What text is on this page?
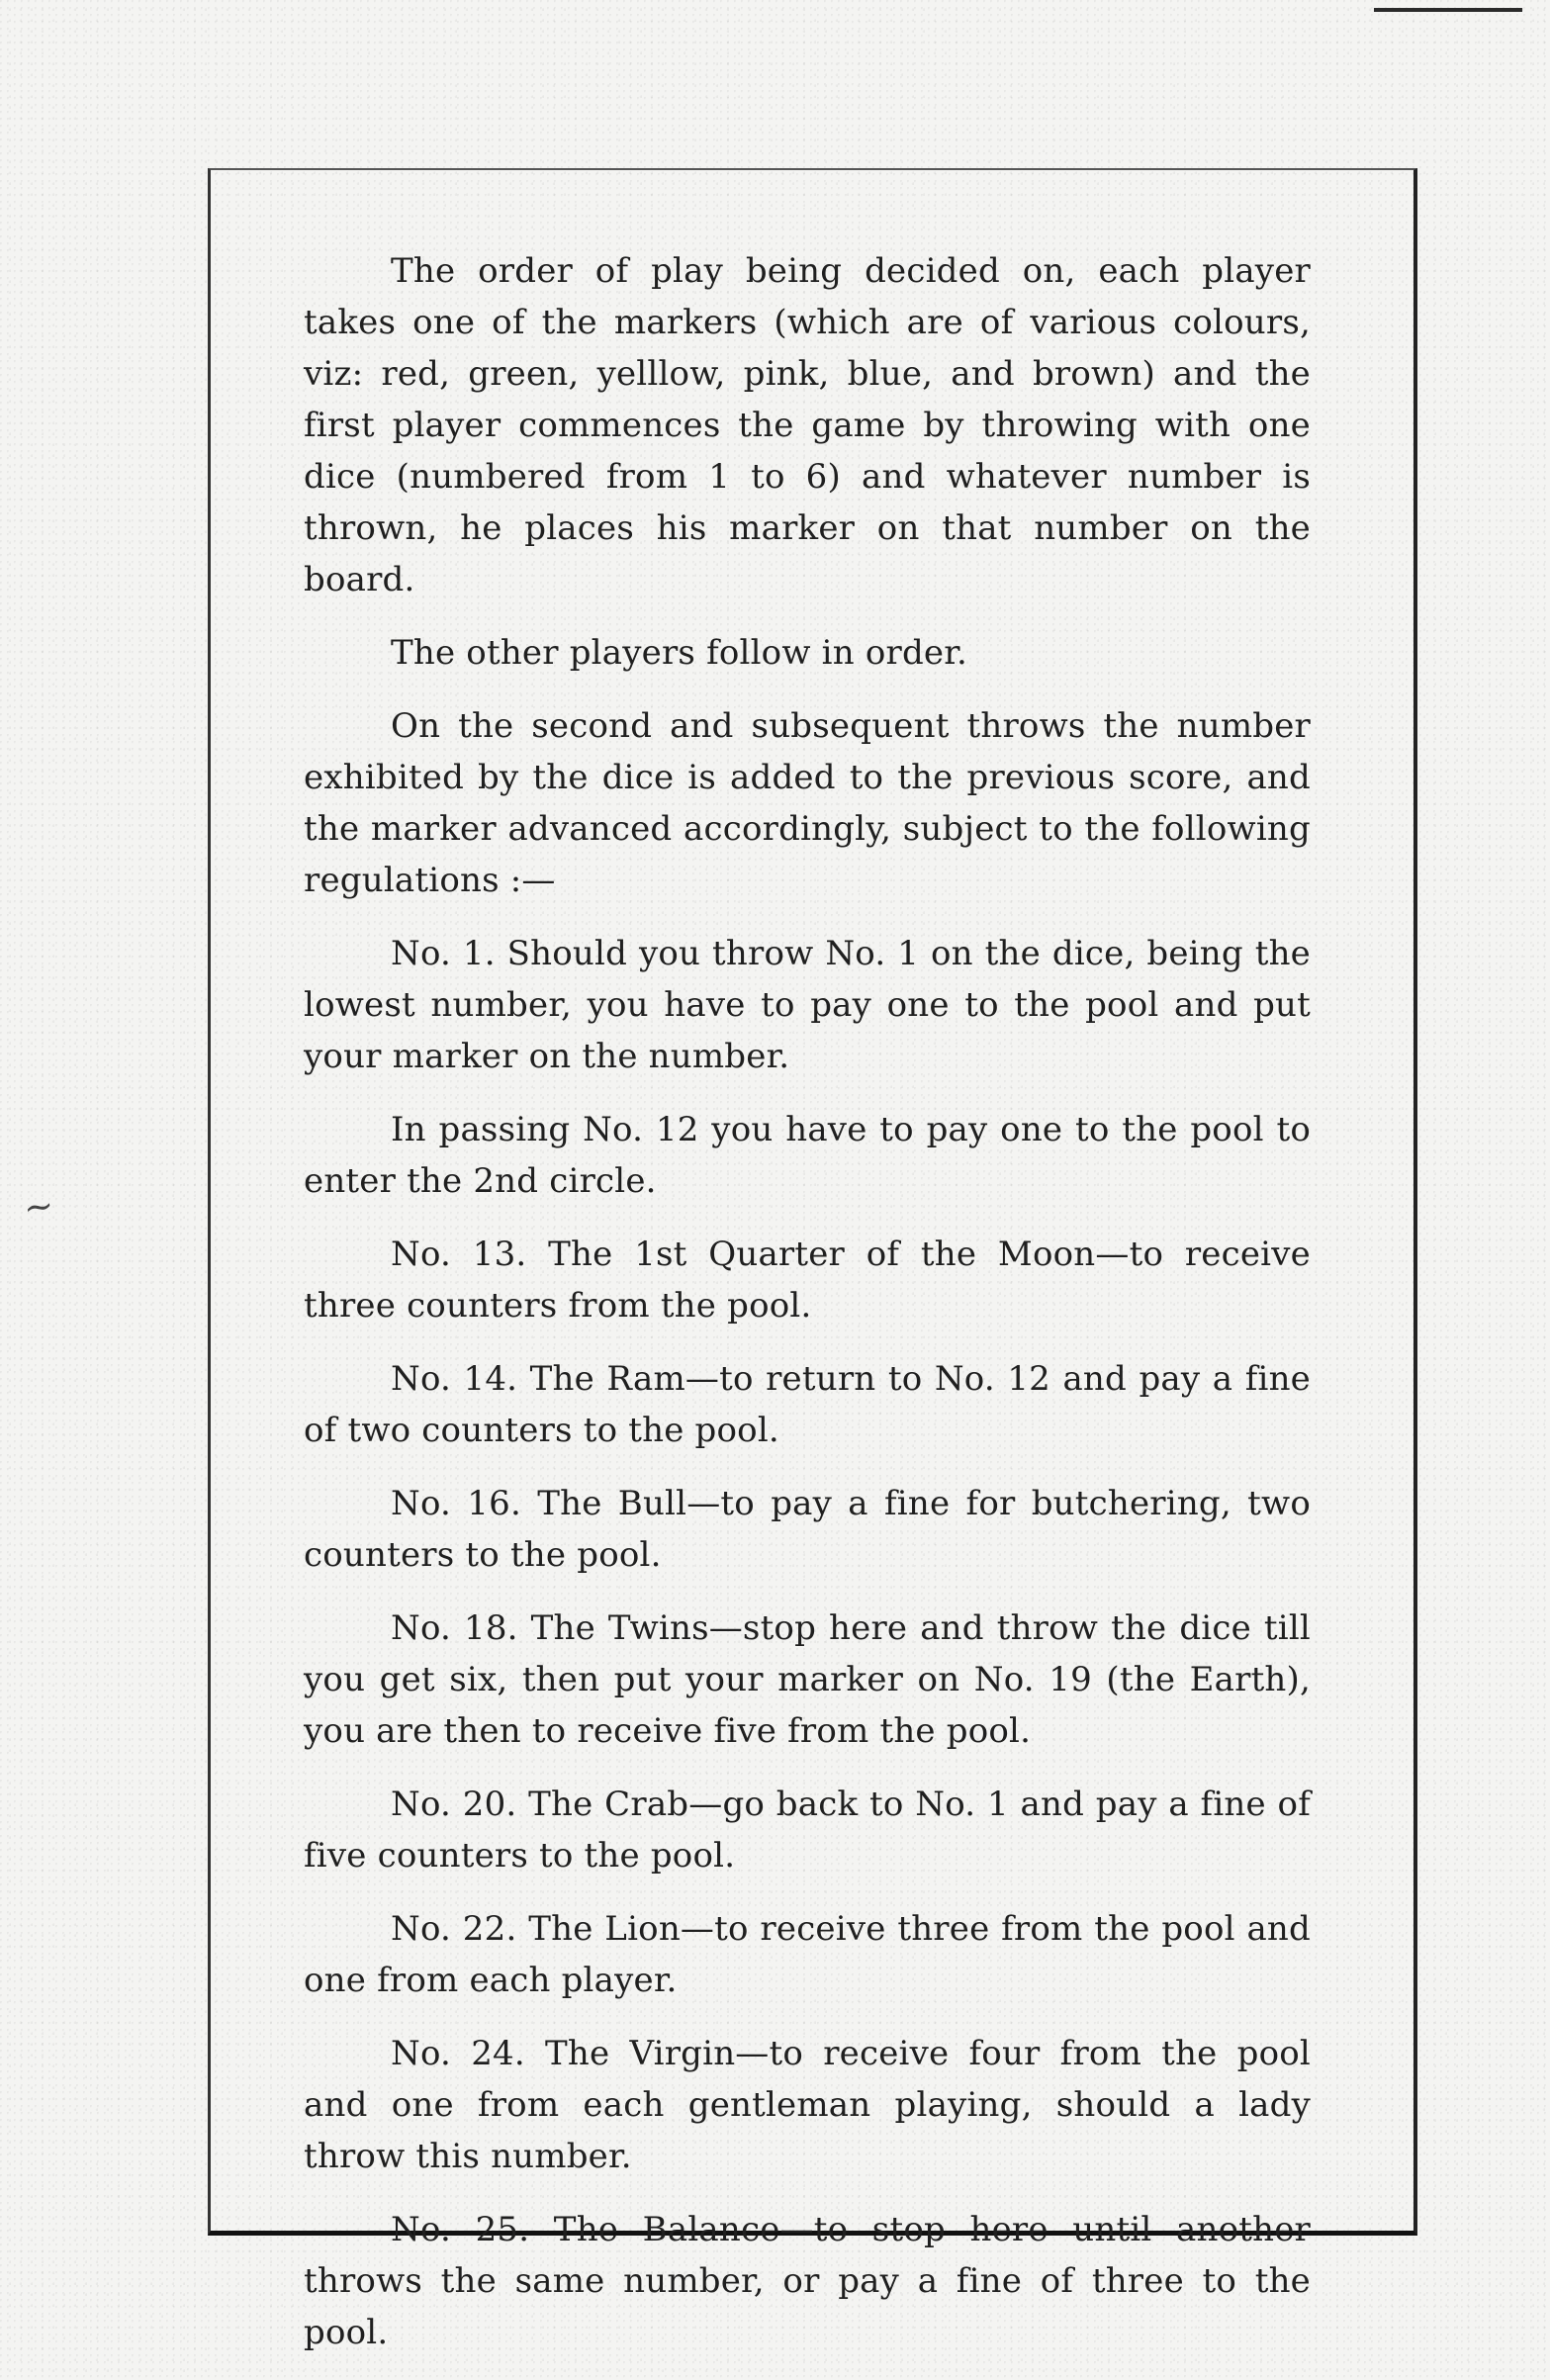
~

The order of play being decided on, each player takes one of the markers (which are of various colours, viz: red, green, yelllow, pink, blue, and brown) and the first player commences the game by throwing with one dice (numbered from 1 to 6) and whatever number is thrown, he places his marker on that number on the board.

The other players follow in order.

On the second and subsequent throws the number exhibited by the dice is added to the previous score, and the marker advanced accordingly, subject to the following regulations :—

No. 1. Should you throw No. 1 on the dice, being the lowest number, you have to pay one to the pool and put your marker on the number.

In passing No. 12 you have to pay one to the pool to enter the 2nd circle.

No. 13. The 1st Quarter of the Moon—to receive three counters from the pool.

No. 14. The Ram—to return to No. 12 and pay a fine of two counters to the pool.

No. 16. The Bull—to pay a fine for butchering, two counters to the pool.

No. 18. The Twins—stop here and throw the dice till you get six, then put your marker on No. 19 (the Earth), you are then to receive five from the pool.

No. 20. The Crab—go back to No. 1 and pay a fine of five counters to the pool.

No. 22. The Lion—to receive three from the pool and one from each player.

No. 24. The Virgin—to receive four from the pool and one from each gentleman playing, should a lady throw this number.

No. 25. The Balance—to stop here until another throws the same number, or pay a fine of three to the pool.
